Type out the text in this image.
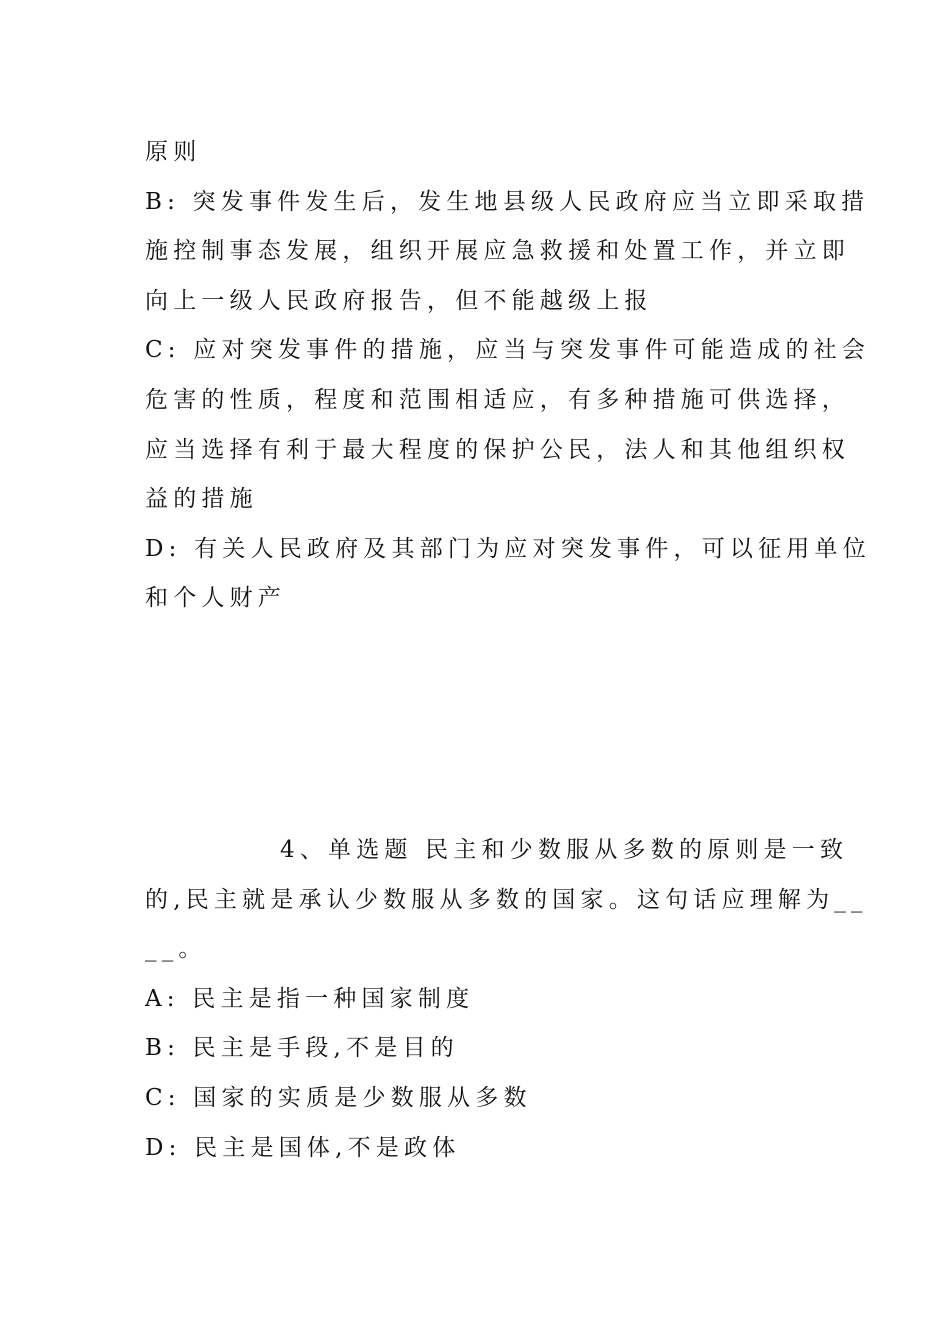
原则
B: 突发事件发生后，发生地县级人民政府应当立即采取措
施控制事态发展，组织开展应急救援和处置工作，并立即
向上一级人民政府报告，但不能越级上报
C: 应对突发事件的措施，应当与突发事件可能造成的社会
危害的性质，程度和范围相适应，有多种措施可供选择，
应当选择有利于最大程度的保护公民，法人和其他组织权
益的措施
D: 有关人民政府及其部门为应对突发事件，可以征用单位
和个人财产
4、单选题 民主和少数服从多数的原则是一致
的,民主就是承认少数服从多数的国家。这句话应理解为__
__。
A: 民主是指一种国家制度
B: 民主是手段,不是目的
C: 国家的实质是少数服从多数
D: 民主是国体,不是政体
